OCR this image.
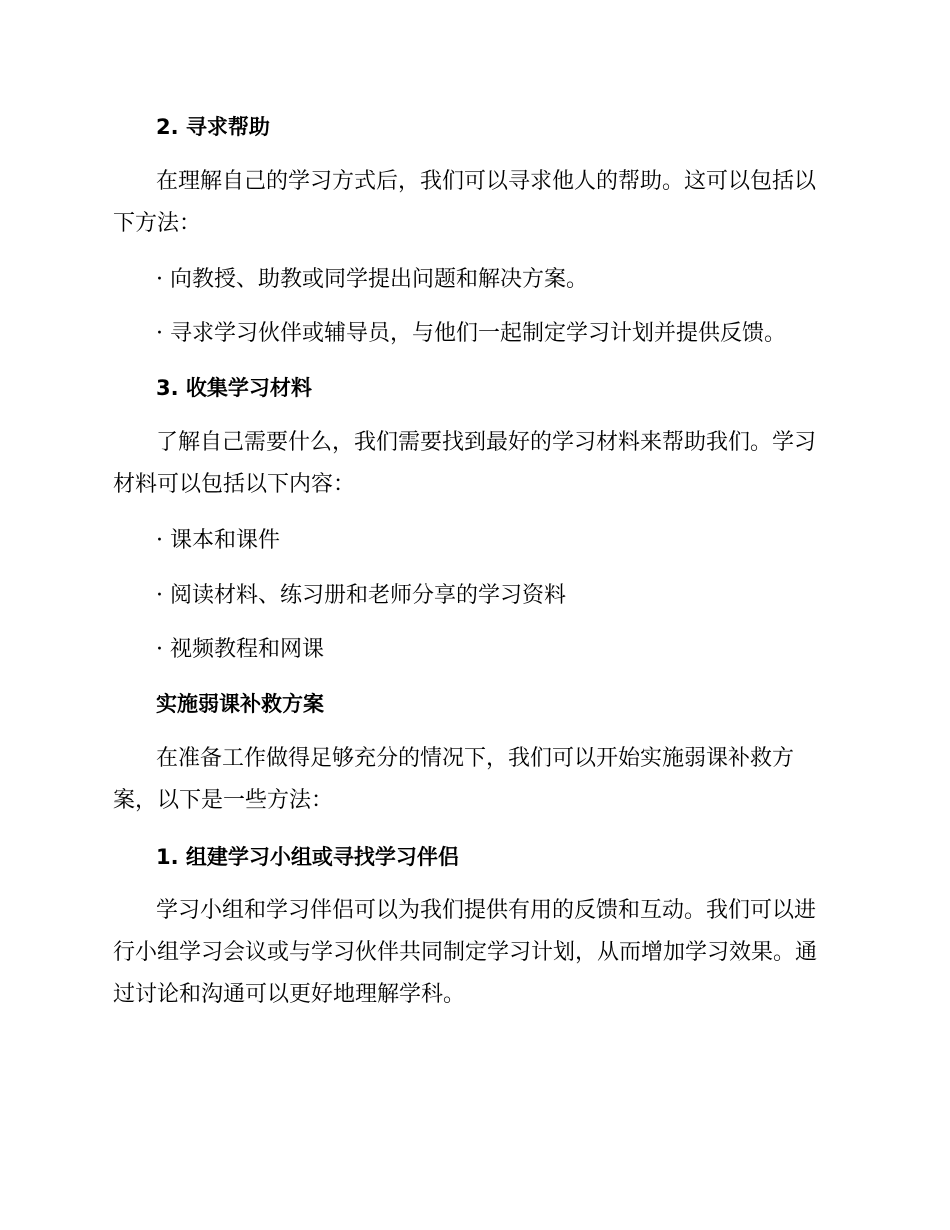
2. 寻求帮助

在理解自己的学习方式后，我们可以寻求他人的帮助。这可以包括以下方法：

· 向教授、助教或同学提出问题和解决方案。

· 寻求学习伙伴或辅导员，与他们一起制定学习计划并提供反馈。

3. 收集学习材料

了解自己需要什么，我们需要找到最好的学习材料来帮助我们。学习材料可以包括以下内容：

· 课本和课件

· 阅读材料、练习册和老师分享的学习资料

· 视频教程和网课

实施弱课补救方案

在准备工作做得足够充分的情况下，我们可以开始实施弱课补救方案，以下是一些方法：

1. 组建学习小组或寻找学习伴侣

学习小组和学习伴侣可以为我们提供有用的反馈和互动。我们可以进行小组学习会议或与学习伙伴共同制定学习计划，从而增加学习效果。通过讨论和沟通可以更好地理解学科。
